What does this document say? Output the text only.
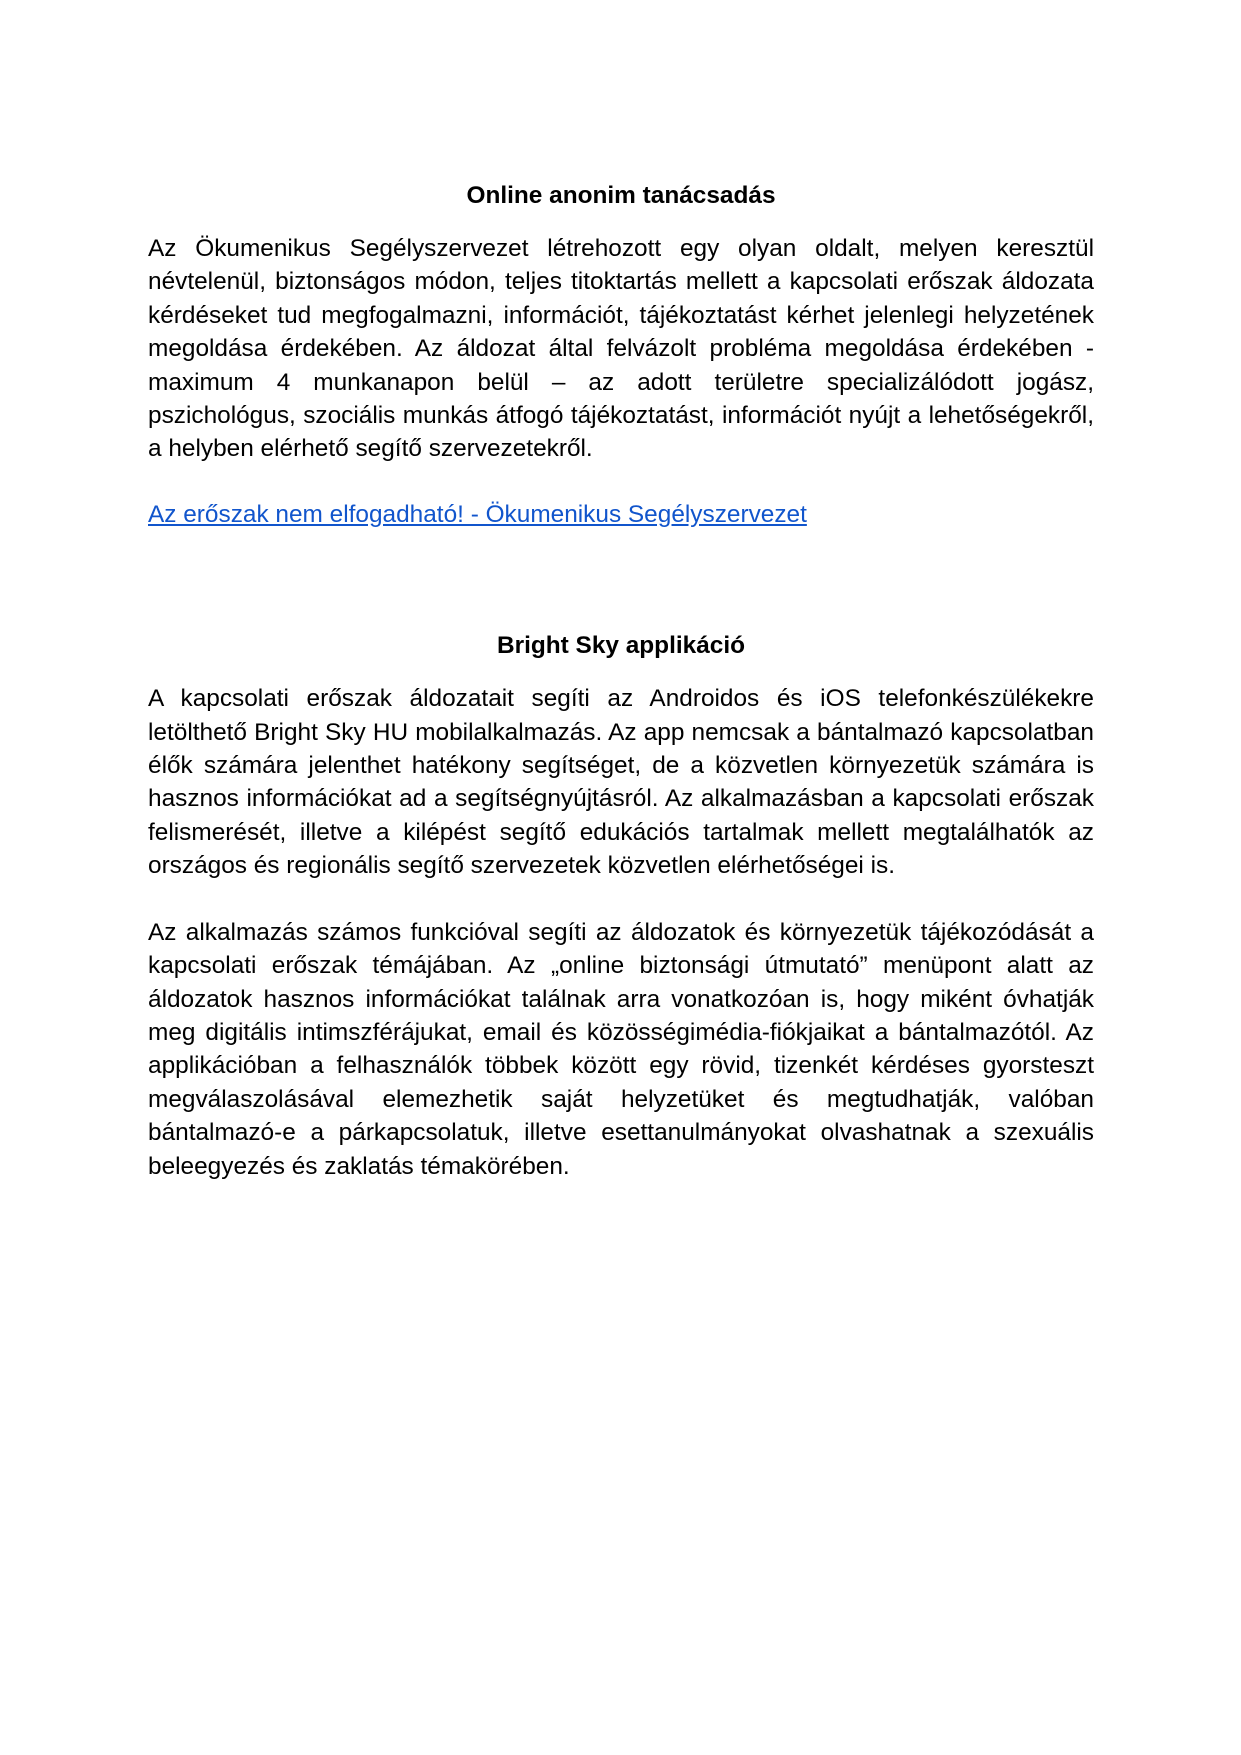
Online anonim tanácsadás

Az Ökumenikus Segélyszervezet létrehozott egy olyan oldalt, melyen keresztül névtelenül, biztonságos módon, teljes titoktartás mellett a kapcsolati erőszak áldozata kérdéseket tud megfogalmazni, információt, tájékoztatást kérhet jelenlegi helyzetének megoldása érdekében. Az áldozat által felvázolt probléma megoldása érdekében - maximum 4 munkanapon belül – az adott területre specializálódott jogász, pszichológus, szociális munkás átfogó tájékoztatást, információt nyújt a lehetőségekről, a helyben elérhető segítő szervezetekről.

Az erőszak nem elfogadható! - Ökumenikus Segélyszervezet
Bright Sky applikáció

A kapcsolati erőszak áldozatait segíti az Androidos és iOS telefonkészülékekre letölthető Bright Sky HU mobilalkalmazás. Az app nemcsak a bántalmazó kapcsolatban élők számára jelenthet hatékony segítséget, de a közvetlen környezetük számára is hasznos információkat ad a segítségnyújtásról. Az alkalmazásban a kapcsolati erőszak felismerését, illetve a kilépést segítő edukációs tartalmak mellett megtalálhatók az országos és regionális segítő szervezetek közvetlen elérhetőségei is.

Az alkalmazás számos funkcióval segíti az áldozatok és környezetük tájékozódását a kapcsolati erőszak témájában. Az „online biztonsági útmutató” menüpont alatt az áldozatok hasznos információkat találnak arra vonatkozóan is, hogy miként óvhatják meg digitális intimszférájukat, email és közösségimédia-fiókjaikat a bántalmazótól. Az applikációban a felhasználók többek között egy rövid, tizenkét kérdéses gyorsteszt megválaszolásával elemezhetik saját helyzetüket és megtudhatják, valóban bántalmazó-e a párkapcsolatuk, illetve esettanulmányokat olvashatnak a szexuális beleegyezés és zaklatás témakörében.
